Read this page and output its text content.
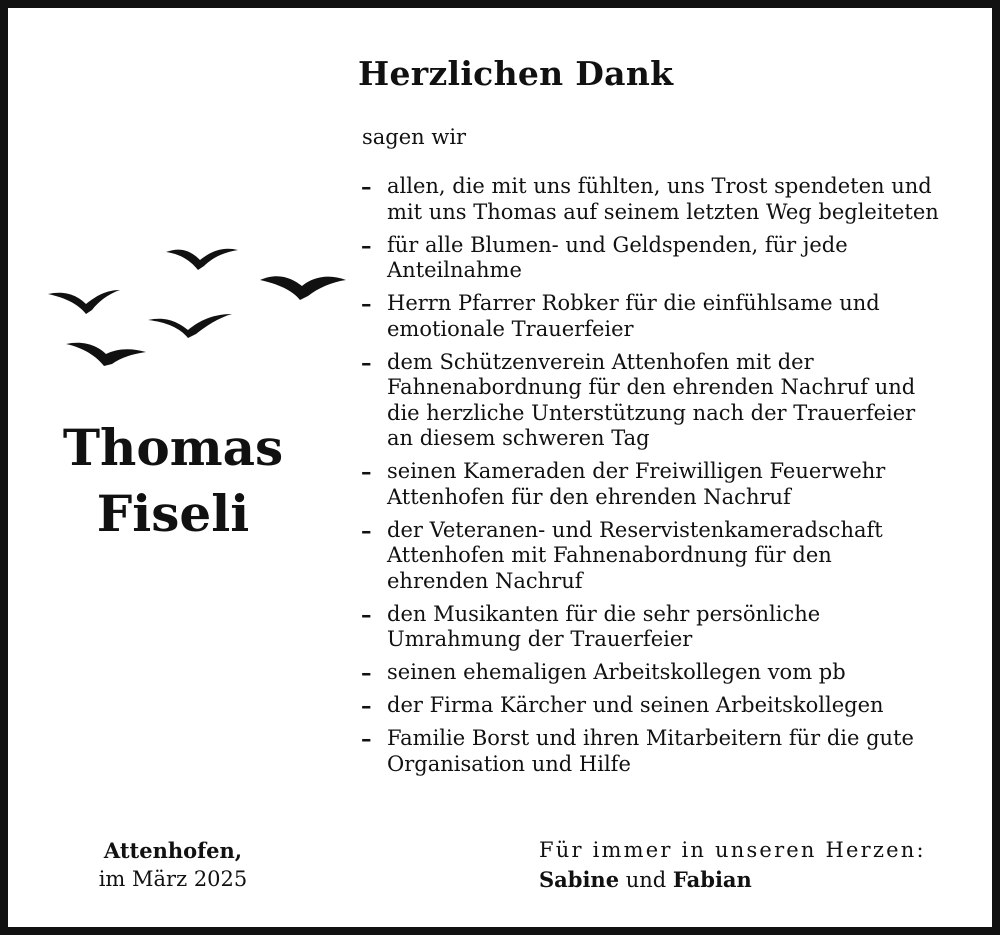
Herzlichen Dank
sagen wir
– allen, die mit uns fühlten, uns Trost spendeten und
mit uns Thomas auf seinem letzten Weg begleiteten
– für alle Blumen- und Geldspenden, für jede
Anteilnahme
– Herrn Pfarrer Robker für die einfühlsame und
emotionale Trauerfeier
– dem Schützenverein Attenhofen mit der
Fahnenabordnung für den ehrenden Nachruf und
die herzliche Unterstützung nach der Trauerfeier
an diesem schweren Tag
– seinen Kameraden der Freiwilligen Feuerwehr
Attenhofen für den ehrenden Nachruf
– der Veteranen- und Reservistenkameradschaft
Attenhofen mit Fahnenabordnung für den
ehrenden Nachruf
– den Musikanten für die sehr persönliche
Umrahmung der Trauerfeier
– seinen ehemaligen Arbeitskollegen vom pb
– der Firma Kärcher und seinen Arbeitskollegen
– Familie Borst und ihren Mitarbeitern für die gute
Organisation und Hilfe
Thomas
Fiseli
Attenhofen,
im März 2025
Für immer in unseren Herzen:
Sabine und Fabian
